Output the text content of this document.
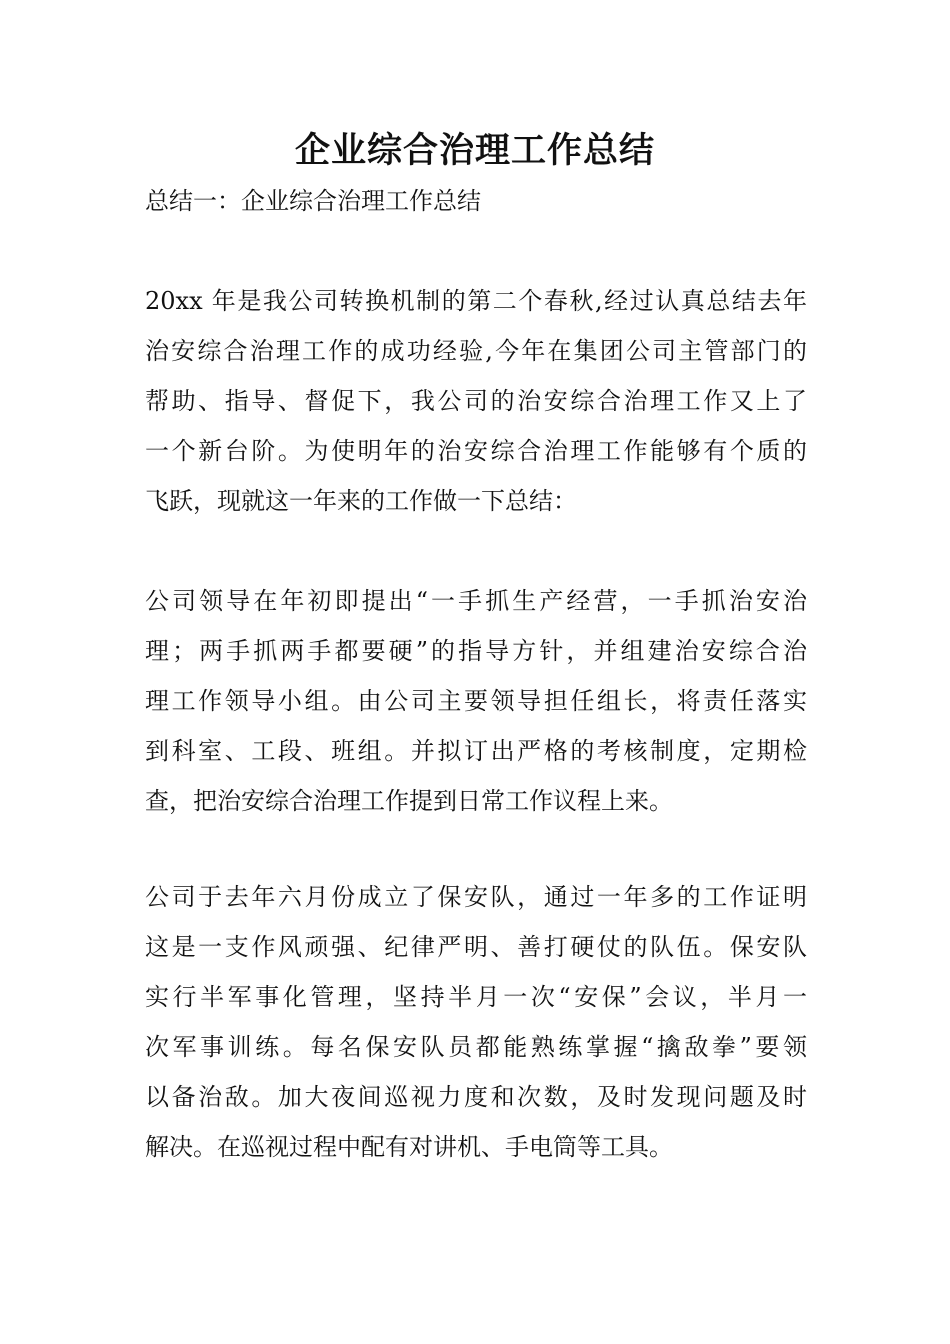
企业综合治理工作总结
总结一：企业综合治理工作总结
20xx 年是我公司转换机制的第二个春秋,经过认真总结去年
治安综合治理工作的成功经验,今年在集团公司主管部门的
帮助、指导、督促下，我公司的治安综合治理工作又上了
一个新台阶。为使明年的治安综合治理工作能够有个质的
飞跃，现就这一年来的工作做一下总结：
公司领导在年初即提出“一手抓生产经营，一手抓治安治
理；两手抓两手都要硬”的指导方针，并组建治安综合治
理工作领导小组。由公司主要领导担任组长，将责任落实
到科室、工段、班组。并拟订出严格的考核制度，定期检
查，把治安综合治理工作提到日常工作议程上来。
公司于去年六月份成立了保安队，通过一年多的工作证明
这是一支作风顽强、纪律严明、善打硬仗的队伍。保安队
实行半军事化管理，坚持半月一次“安保”会议，半月一
次军事训练。每名保安队员都能熟练掌握“擒敌拳”要领
以备治敌。加大夜间巡视力度和次数，及时发现问题及时
解决。在巡视过程中配有对讲机、手电筒等工具。
